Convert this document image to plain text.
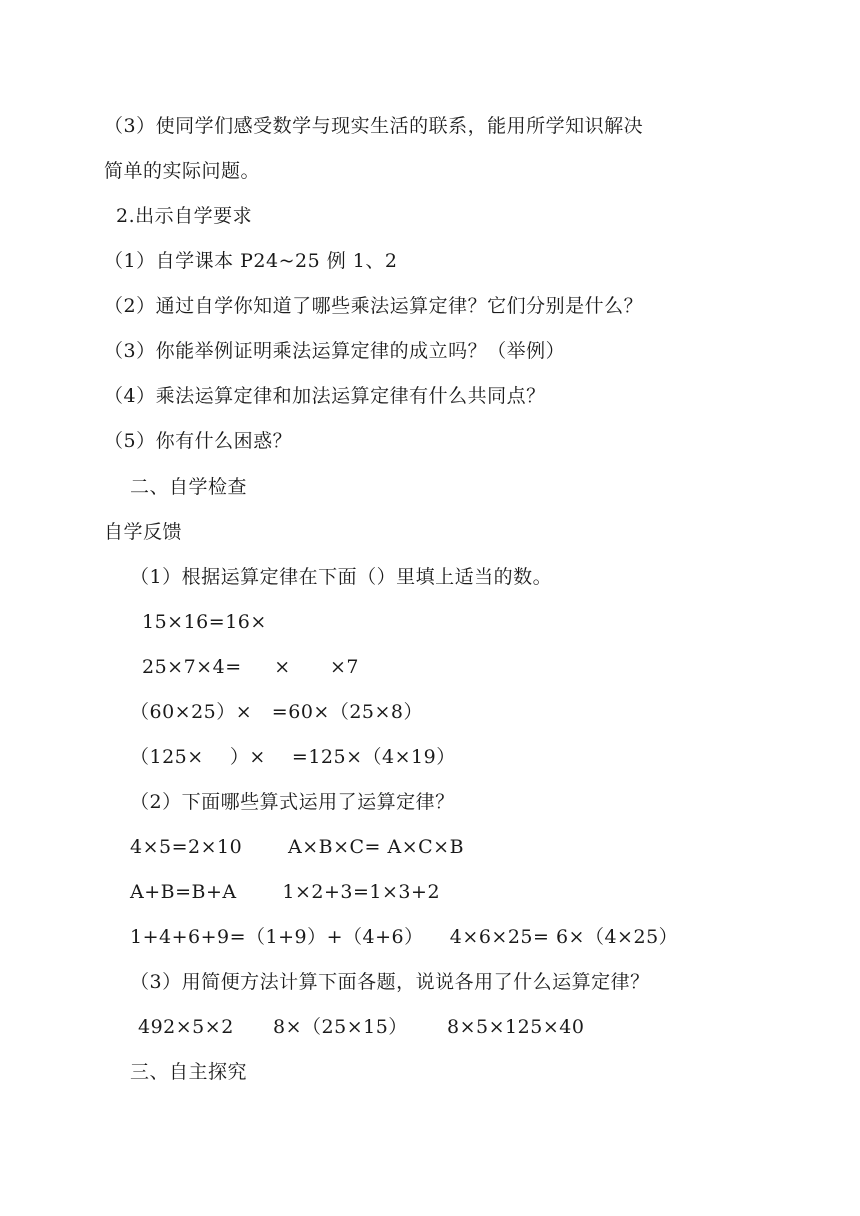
（3）使同学们感受数学与现实生活的联系，能用所学知识解决
简单的实际问题。
2.出示自学要求
（1）自学课本 P24~25 例 1、2
（2）通过自学你知道了哪些乘法运算定律？它们分别是什么？
（3）你能举例证明乘法运算定律的成立吗？（举例）
（4）乘法运算定律和加法运算定律有什么共同点？
（5）你有什么困惑？
二、自学检查
自学反馈
（1）根据运算定律在下面（）里填上适当的数。
15×16=16×
25×7×4=     ×      ×7
（60×25）×   =60×（25×8）
（125×    ）×    =125×（4×19）
（2）下面哪些算式运用了运算定律？
4×5=2×10       A×B×C= A×C×B
A+B=B+A       1×2+3=1×3+2
1+4+6+9=（1+9）+（4+6）    4×6×25= 6×（4×25）
（3）用简便方法计算下面各题，说说各用了什么运算定律？
492×5×2      8×（25×15）      8×5×125×40
三、自主探究
